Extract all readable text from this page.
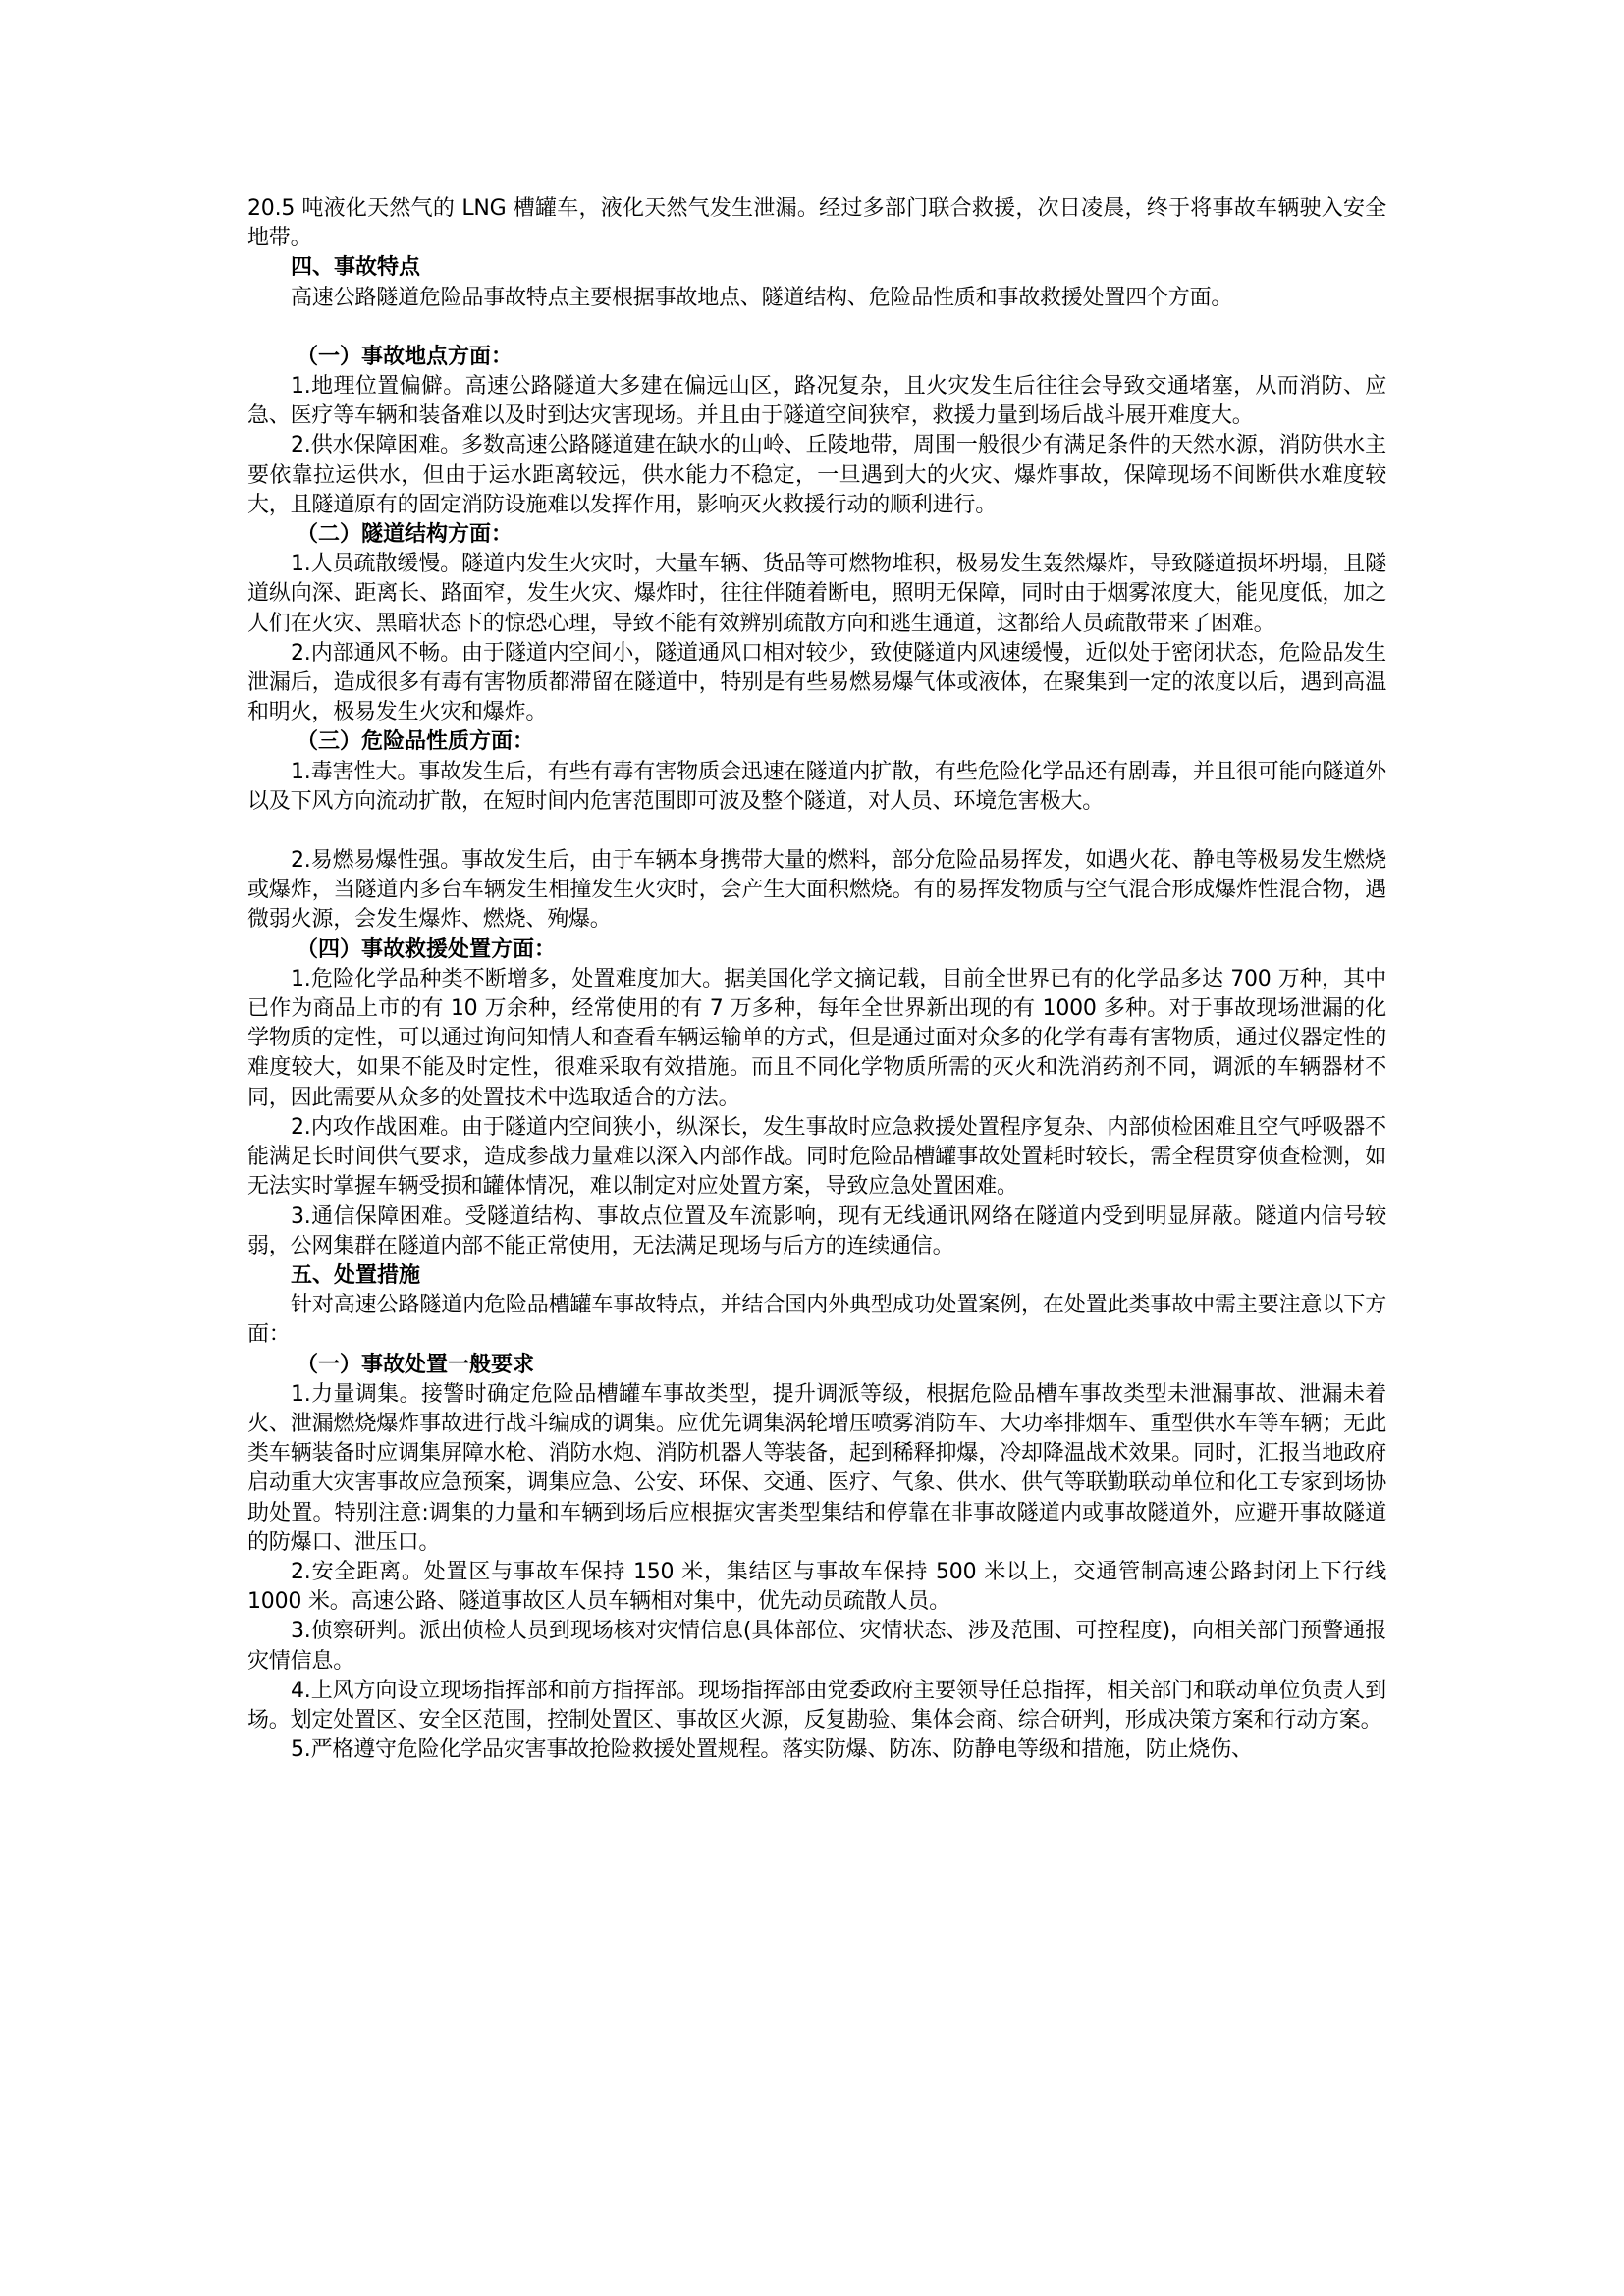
20.5 吨液化天然气的 LNG 槽罐车，液化天然气发生泄漏。经过多部门联合救援，次日凌晨，终于将事故车辆驶入安全地带。

四、事故特点

高速公路隧道危险品事故特点主要根据事故地点、隧道结构、危险品性质和事故救援处置四个方面。

（一）事故地点方面：

1.地理位置偏僻。高速公路隧道大多建在偏远山区，路况复杂，且火灾发生后往往会导致交通堵塞，从而消防、应急、医疗等车辆和装备难以及时到达灾害现场。并且由于隧道空间狭窄，救援力量到场后战斗展开难度大。

2.供水保障困难。多数高速公路隧道建在缺水的山岭、丘陵地带，周围一般很少有满足条件的天然水源，消防供水主要依靠拉运供水，但由于运水距离较远，供水能力不稳定，一旦遇到大的火灾、爆炸事故，保障现场不间断供水难度较大，且隧道原有的固定消防设施难以发挥作用，影响灭火救援行动的顺利进行。

（二）隧道结构方面：

1.人员疏散缓慢。隧道内发生火灾时，大量车辆、货品等可燃物堆积，极易发生轰然爆炸，导致隧道损坏坍塌，且隧道纵向深、距离长、路面窄，发生火灾、爆炸时，往往伴随着断电，照明无保障，同时由于烟雾浓度大，能见度低，加之人们在火灾、黑暗状态下的惊恐心理，导致不能有效辨别疏散方向和逃生通道，这都给人员疏散带来了困难。

2.内部通风不畅。由于隧道内空间小，隧道通风口相对较少，致使隧道内风速缓慢，近似处于密闭状态，危险品发生泄漏后，造成很多有毒有害物质都滞留在隧道中，特别是有些易燃易爆气体或液体，在聚集到一定的浓度以后，遇到高温和明火，极易发生火灾和爆炸。

（三）危险品性质方面：

1.毒害性大。事故发生后，有些有毒有害物质会迅速在隧道内扩散，有些危险化学品还有剧毒，并且很可能向隧道外以及下风方向流动扩散，在短时间内危害范围即可波及整个隧道，对人员、环境危害极大。

2.易燃易爆性强。事故发生后，由于车辆本身携带大量的燃料，部分危险品易挥发，如遇火花、静电等极易发生燃烧或爆炸，当隧道内多台车辆发生相撞发生火灾时，会产生大面积燃烧。有的易挥发物质与空气混合形成爆炸性混合物，遇微弱火源，会发生爆炸、燃烧、殉爆。

（四）事故救援处置方面：

1.危险化学品种类不断增多，处置难度加大。据美国化学文摘记载，目前全世界已有的化学品多达 700 万种，其中已作为商品上市的有 10 万余种，经常使用的有 7 万多种，每年全世界新出现的有 1000 多种。对于事故现场泄漏的化学物质的定性，可以通过询问知情人和查看车辆运输单的方式，但是通过面对众多的化学有毒有害物质，通过仪器定性的难度较大，如果不能及时定性，很难采取有效措施。而且不同化学物质所需的灭火和洗消药剂不同，调派的车辆器材不同，因此需要从众多的处置技术中选取适合的方法。

2.内攻作战困难。由于隧道内空间狭小，纵深长，发生事故时应急救援处置程序复杂、内部侦检困难且空气呼吸器不能满足长时间供气要求，造成参战力量难以深入内部作战。同时危险品槽罐事故处置耗时较长，需全程贯穿侦查检测，如无法实时掌握车辆受损和罐体情况，难以制定对应处置方案，导致应急处置困难。

3.通信保障困难。受隧道结构、事故点位置及车流影响，现有无线通讯网络在隧道内受到明显屏蔽。隧道内信号较弱，公网集群在隧道内部不能正常使用，无法满足现场与后方的连续通信。

五、处置措施

针对高速公路隧道内危险品槽罐车事故特点，并结合国内外典型成功处置案例，在处置此类事故中需主要注意以下方面：

（一）事故处置一般要求

1.力量调集。接警时确定危险品槽罐车事故类型，提升调派等级，根据危险品槽车事故类型未泄漏事故、泄漏未着火、泄漏燃烧爆炸事故进行战斗编成的调集。应优先调集涡轮增压喷雾消防车、大功率排烟车、重型供水车等车辆；无此类车辆装备时应调集屏障水枪、消防水炮、消防机器人等装备，起到稀释抑爆，冷却降温战术效果。同时，汇报当地政府启动重大灾害事故应急预案，调集应急、公安、环保、交通、医疗、气象、供水、供气等联勤联动单位和化工专家到场协助处置。特别注意:调集的力量和车辆到场后应根据灾害类型集结和停靠在非事故隧道内或事故隧道外，应避开事故隧道的防爆口、泄压口。

2.安全距离。处置区与事故车保持 150 米，集结区与事故车保持 500 米以上，交通管制高速公路封闭上下行线 1000 米。高速公路、隧道事故区人员车辆相对集中，优先动员疏散人员。

3.侦察研判。派出侦检人员到现场核对灾情信息(具体部位、灾情状态、涉及范围、可控程度)，向相关部门预警通报灾情信息。

4.上风方向设立现场指挥部和前方指挥部。现场指挥部由党委政府主要领导任总指挥，相关部门和联动单位负责人到场。划定处置区、安全区范围，控制处置区、事故区火源，反复勘验、集体会商、综合研判，形成决策方案和行动方案。

5.严格遵守危险化学品灾害事故抢险救援处置规程。落实防爆、防冻、防静电等级和措施，防止烧伤、
